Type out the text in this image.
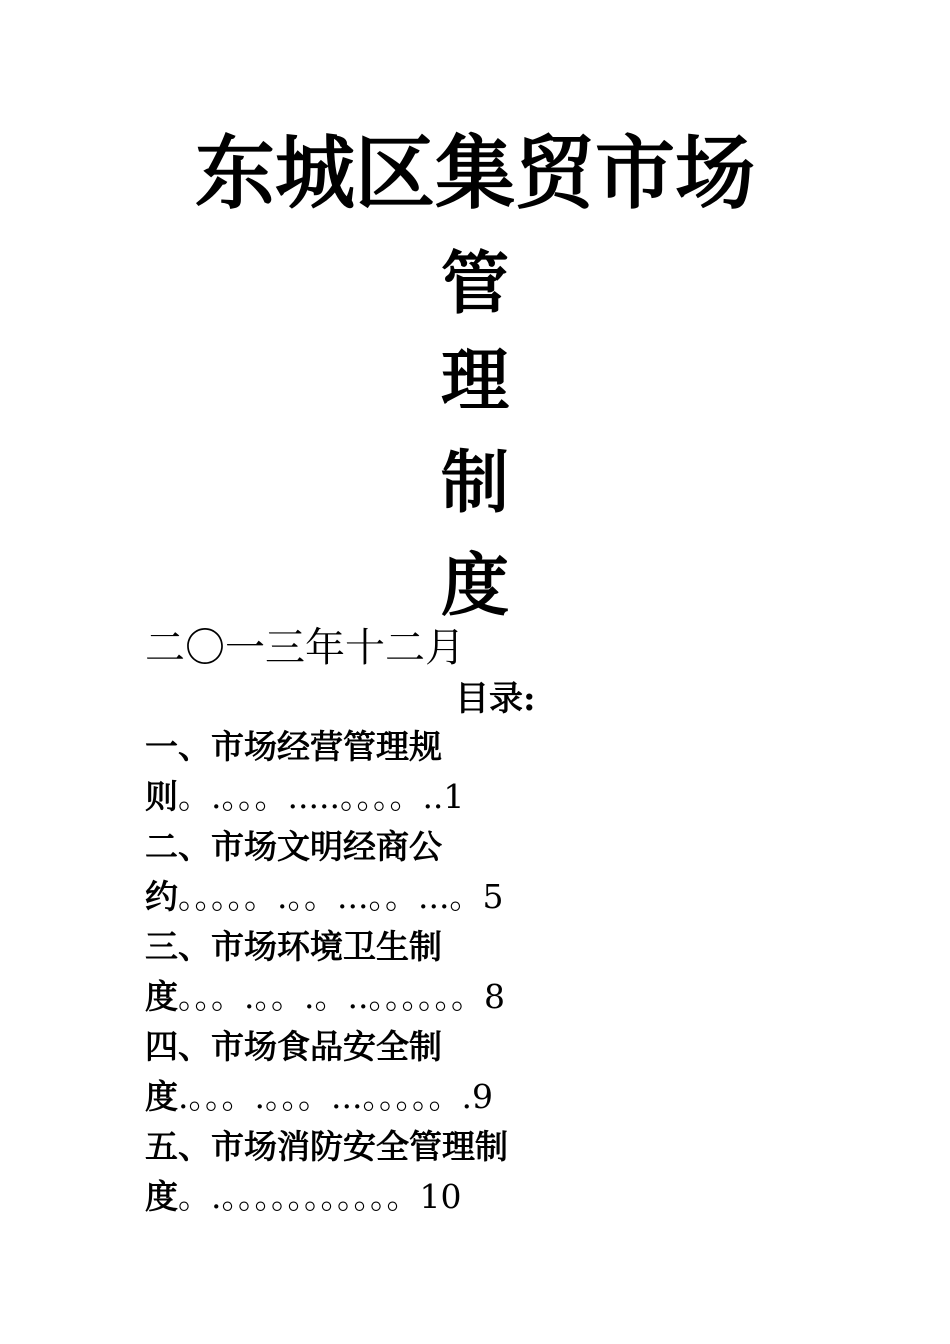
东城区集贸市场
管
理
制
度
二〇一三年十二月
目录:
一、市场经营管理规
则。.。。。.....。。。。..1
二、市场文明经商公
约。。。。。.。。...。。...。5
三、市场环境卫生制
度。。。.。。.。..。。。。。。8
四、市场食品安全制
度.。。。.。。。...。。。。。.9
五、市场消防安全管理制
度。.。。。。。。。。。。。10
